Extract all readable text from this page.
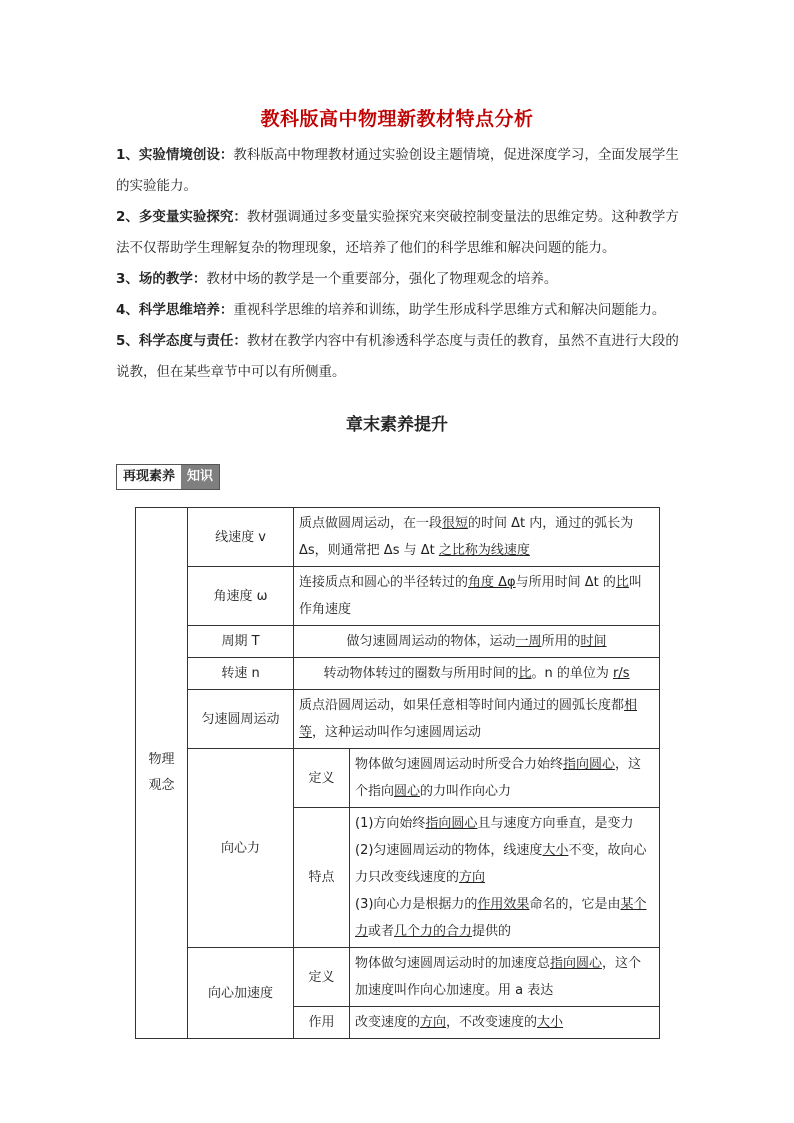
教科版高中物理新教材特点分析
1、实验情境创设：教科版高中物理教材通过实验创设主题情境，促进深度学习，全面发展学生的实验能力。
2、多变量实验探究：教材强调通过多变量实验探究来突破控制变量法的思维定势。这种教学方法不仅帮助学生理解复杂的物理现象，还培养了他们的科学思维和解决问题的能力。
3、场的教学：教材中场的教学是一个重要部分，强化了物理观念的培养。
4、科学思维培养：重视科学思维的培养和训练，助学生形成科学思维方式和解决问题能力。
5、科学态度与责任：教材在教学内容中有机渗透科学态度与责任的教育，虽然不直进行大段的说教，但在某些章节中可以有所侧重。
章末素养提升
再现素养 知识
物理观念	线速度 v	质点做圆周运动，在一段很短的时间 Δt 内，通过的弧长为 Δs，则通常把 Δs 与 Δt 之比称为线速度	
	角速度 ω	连接质点和圆心的半径转过的角度 Δφ与所用时间 Δt 的比叫作角速度	
	周期 T	做匀速圆周运动的物体，运动一周所用的时间	
	转速 n	转动物体转过的圈数与所用时间的比。n 的单位为 r/s	
	匀速圆周运动	质点沿圆周运动，如果任意相等时间内通过的圆弧长度都相等，这种运动叫作匀速圆周运动	
	向心力	定义	物体做匀速圆周运动时所受合力始终指向圆心，这个指向圆心的力叫作向心力
		特点	(1)方向始终指向圆心且与速度方向垂直，是变力
(2)匀速圆周运动的物体，线速度大小不变，故向心力只改变线速度的方向
(3)向心力是根据力的作用效果命名的，它是由某个力或者几个力的合力提供的

	向心加速度	定义	物体做匀速圆周运动时的加速度总指向圆心，这个加速度叫作向心加速度。用 a 表达
		作用	改变速度的方向，不改变速度的大小
